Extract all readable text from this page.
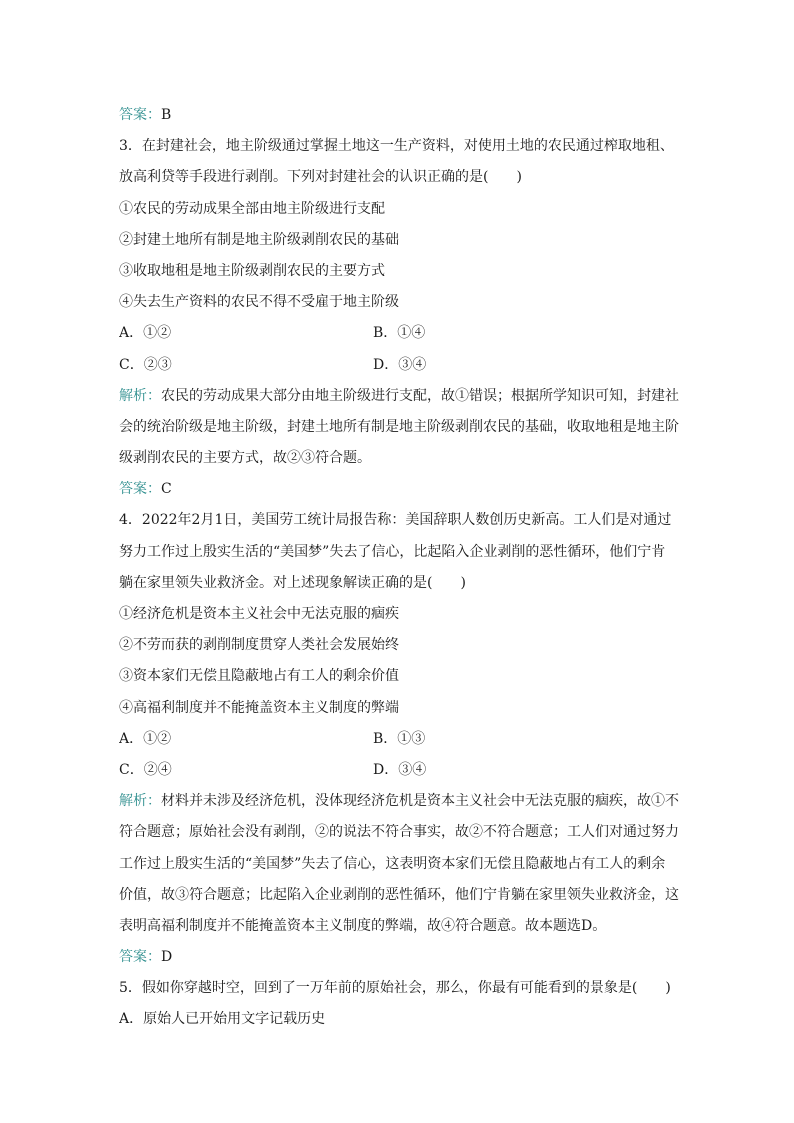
答案：B
3．在封建社会，地主阶级通过掌握土地这一生产资料，对使用土地的农民通过榨取地租、
放高利贷等手段进行剥削。下列对封建社会的认识正确的是(　　)
①农民的劳动成果全部由地主阶级进行支配
②封建土地所有制是地主阶级剥削农民的基础
③收取地租是地主阶级剥削农民的主要方式
④失去生产资料的农民不得不受雇于地主阶级
A．①②	B．①④
C．②③	D．③④
解析：农民的劳动成果大部分由地主阶级进行支配，故①错误；根据所学知识可知，封建社
会的统治阶级是地主阶级，封建土地所有制是地主阶级剥削农民的基础，收取地租是地主阶
级剥削农民的主要方式，故②③符合题。
答案：C
4．2022年2月1日，美国劳工统计局报告称：美国辞职人数创历史新高。工人们是对通过
努力工作过上殷实生活的“美国梦”失去了信心，比起陷入企业剥削的恶性循环，他们宁肯
躺在家里领失业救济金。对上述现象解读正确的是(　　)
①经济危机是资本主义社会中无法克服的痼疾
②不劳而获的剥削制度贯穿人类社会发展始终
③资本家们无偿且隐蔽地占有工人的剩余价值
④高福利制度并不能掩盖资本主义制度的弊端
A．①②	B．①③
C．②④	D．③④
解析：材料并未涉及经济危机，没体现经济危机是资本主义社会中无法克服的痼疾，故①不
符合题意；原始社会没有剥削，②的说法不符合事实，故②不符合题意；工人们对通过努力
工作过上殷实生活的“美国梦”失去了信心，这表明资本家们无偿且隐蔽地占有工人的剩余
价值，故③符合题意；比起陷入企业剥削的恶性循环，他们宁肯躺在家里领失业救济金，这
表明高福利制度并不能掩盖资本主义制度的弊端，故④符合题意。故本题选D。
答案：D
5．假如你穿越时空，回到了一万年前的原始社会，那么，你最有可能看到的景象是(　　)
A．原始人已开始用文字记载历史
